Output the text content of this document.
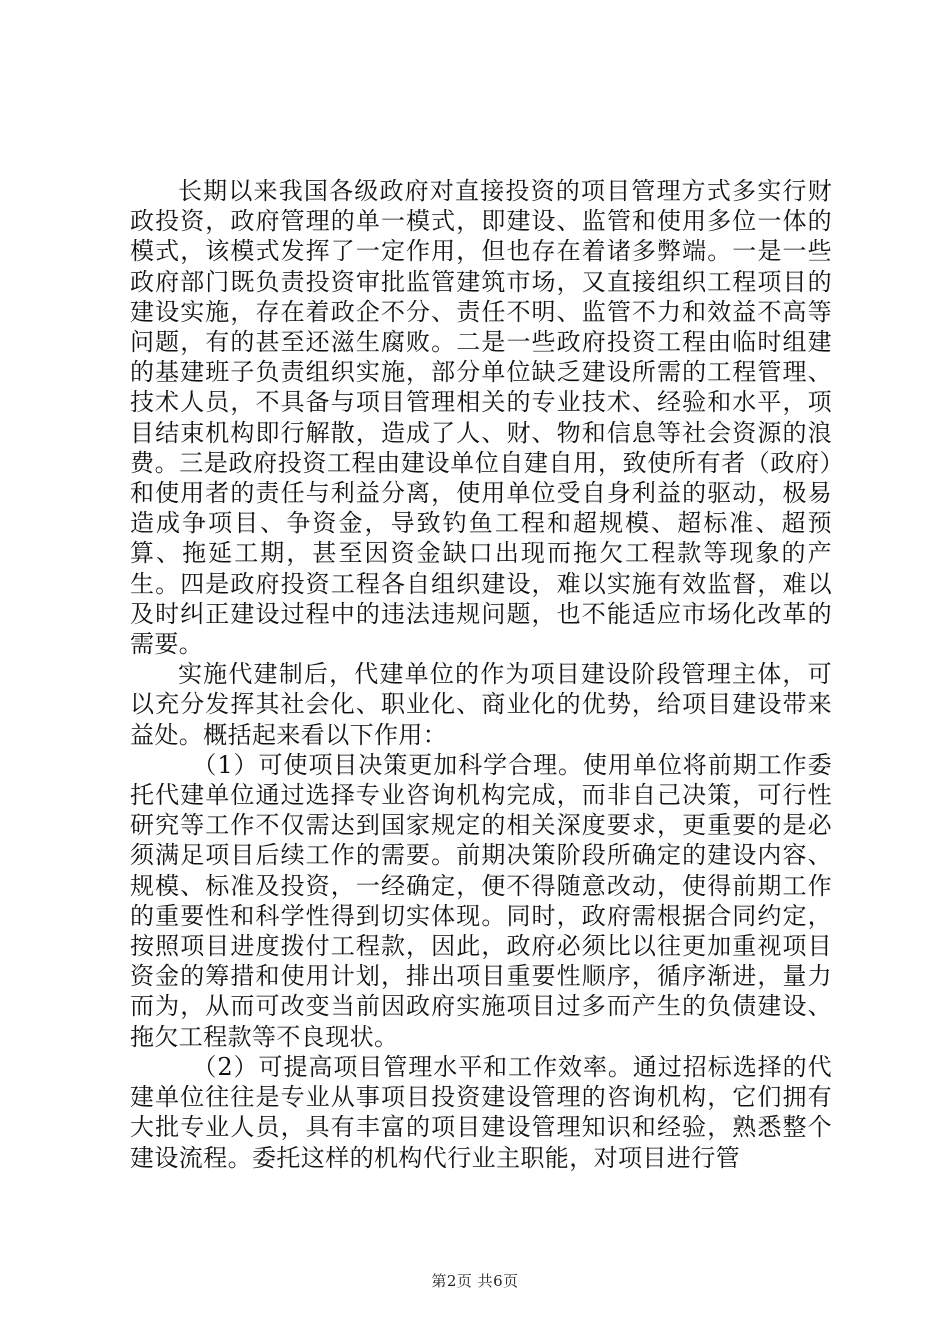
长期以来我国各级政府对直接投资的项目管理方式多实行财政投资，政府管理的单一模式，即建设、监管和使用多位一体的模式，该模式发挥了一定作用，但也存在着诸多弊端。一是一些政府部门既负责投资审批监管建筑市场，又直接组织工程项目的建设实施，存在着政企不分、责任不明、监管不力和效益不高等问题，有的甚至还滋生腐败。二是一些政府投资工程由临时组建的基建班子负责组织实施，部分单位缺乏建设所需的工程管理、技术人员，不具备与项目管理相关的专业技术、经验和水平，项目结束机构即行解散，造成了人、财、物和信息等社会资源的浪费。三是政府投资工程由建设单位自建自用，致使所有者（政府）和使用者的责任与利益分离，使用单位受自身利益的驱动，极易造成争项目、争资金，导致钓鱼工程和超规模、超标准、超预算、拖延工期，甚至因资金缺口出现而拖欠工程款等现象的产生。四是政府投资工程各自组织建设，难以实施有效监督，难以及时纠正建设过程中的违法违规问题，也不能适应市场化改革的需要。

实施代建制后，代建单位的作为项目建设阶段管理主体，可以充分发挥其社会化、职业化、商业化的优势，给项目建设带来益处。概括起来看以下作用：

（1）可使项目决策更加科学合理。使用单位将前期工作委托代建单位通过选择专业咨询机构完成，而非自己决策，可行性研究等工作不仅需达到国家规定的相关深度要求，更重要的是必须满足项目后续工作的需要。前期决策阶段所确定的建设内容、规模、标准及投资，一经确定，便不得随意改动，使得前期工作的重要性和科学性得到切实体现。同时，政府需根据合同约定，按照项目进度拨付工程款，因此，政府必须比以往更加重视项目资金的筹措和使用计划，排出项目重要性顺序，循序渐进，量力而为，从而可改变当前因政府实施项目过多而产生的负债建设、拖欠工程款等不良现状。

（2）可提高项目管理水平和工作效率。通过招标选择的代建单位往往是专业从事项目投资建设管理的咨询机构，它们拥有大批专业人员，具有丰富的项目建设管理知识和经验，熟悉整个建设流程。委托这样的机构代行业主职能，对项目进行管

第2页 共6页
